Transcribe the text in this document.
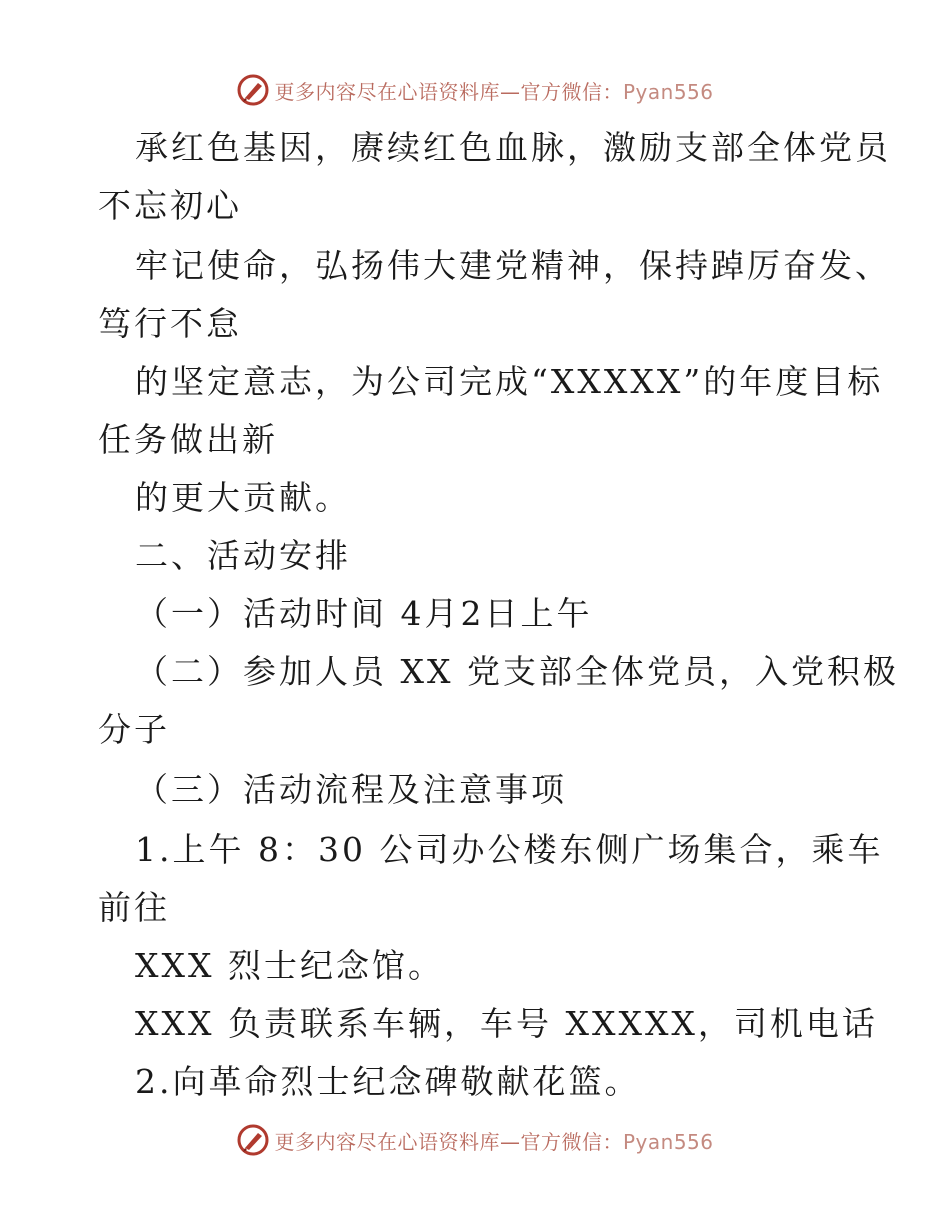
更多内容尽在心语资料库—官方微信：Pyan556
承红色基因，赓续红色血脉，激励支部全体党员
不忘初心
牢记使命，弘扬伟大建党精神，保持踔厉奋发、
笃行不怠
的坚定意志，为公司完成“XXXXX”的年度目标
任务做出新
的更大贡献。
二、活动安排
（一）活动时间 4月2日上午
（二）参加人员 XX 党支部全体党员，入党积极
分子
（三）活动流程及注意事项
1.上午 8：30 公司办公楼东侧广场集合，乘车
前往
XXX 烈士纪念馆。
XXX 负责联系车辆，车号 XXXXX，司机电话
2.向革命烈士纪念碑敬献花篮。
更多内容尽在心语资料库—官方微信：Pyan556
